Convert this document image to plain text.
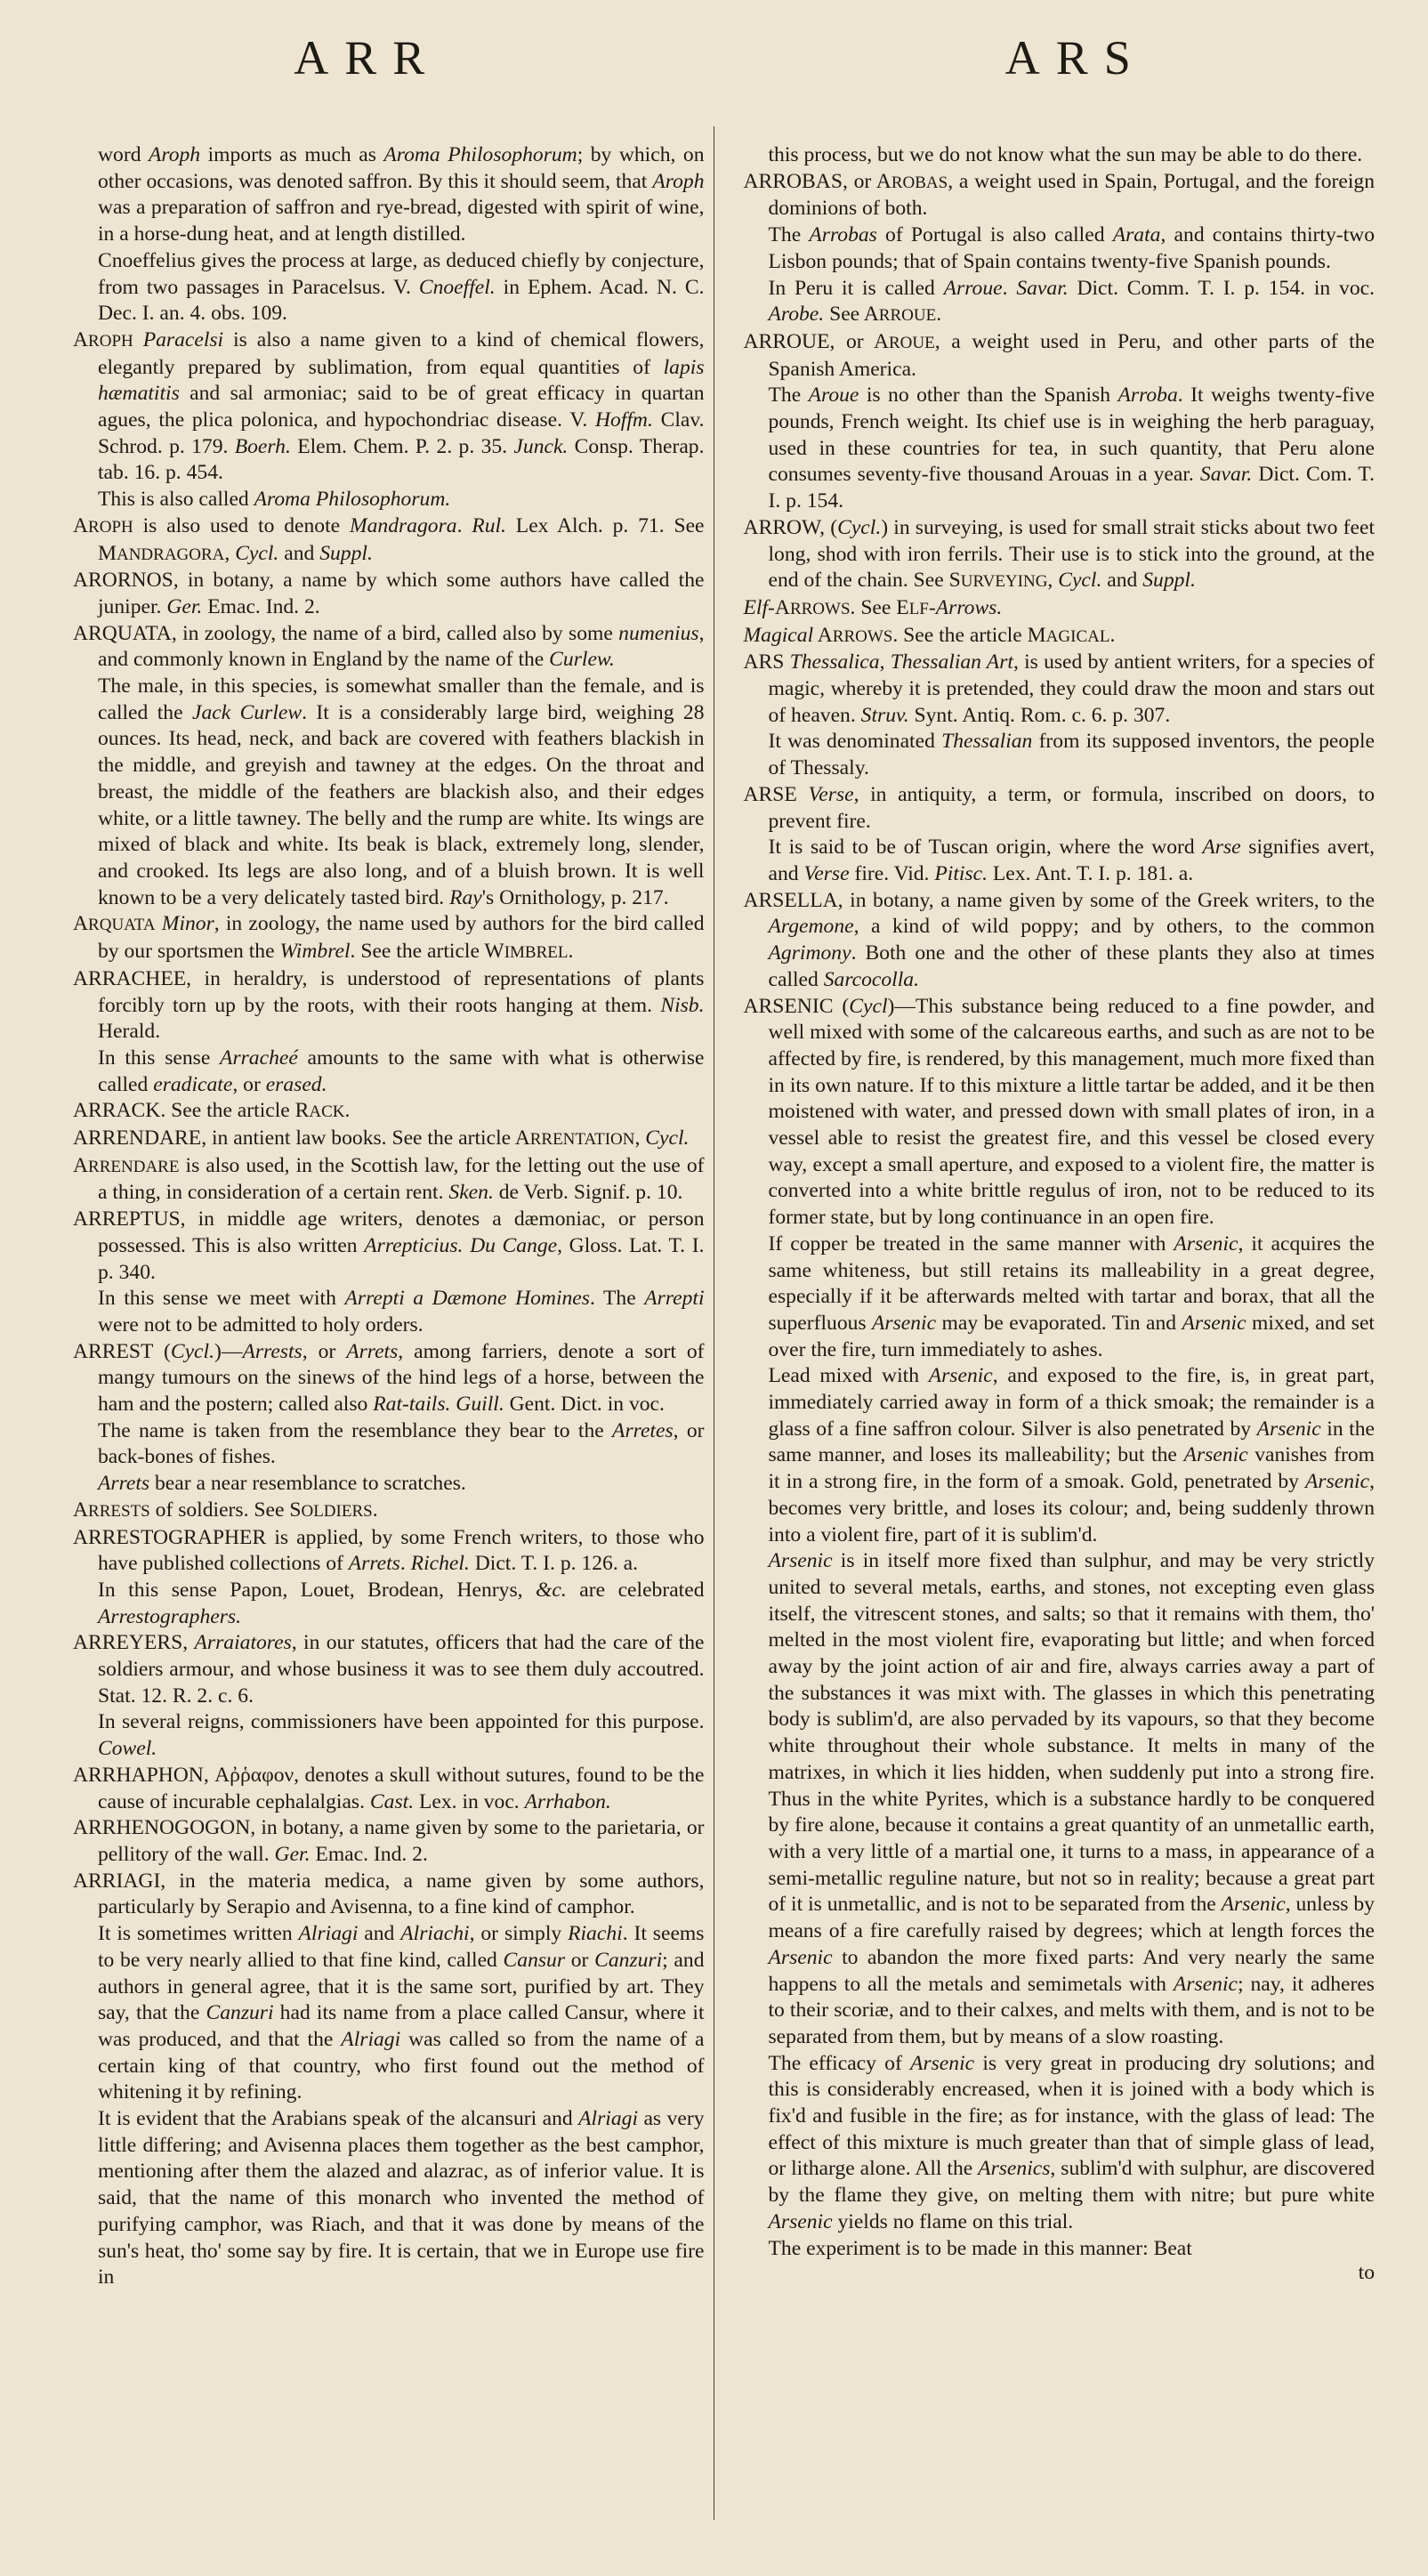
ARR	ARS

word Aroph imports as much as Aroma Philosophorum; by which, on other occasions, was denoted saffron. By this it should seem, that Aroph was a preparation of saffron and rye-bread, digested with spirit of wine, in a horse-dung heat, and at length distilled.

Cnoeffelius gives the process at large, as deduced chiefly by conjecture, from two passages in Paracelsus. V. Cnoeffel. in Ephem. Acad. N. C. Dec. I. an. 4. obs. 109.

AROPH Paracelsi is also a name given to a kind of chemical flowers, elegantly prepared by sublimation, from equal quantities of lapis hæmatitis and sal armoniac; said to be of great efficacy in quartan agues, the plica polonica, and hypochondriac disease. V. Hoffm. Clav. Schrod. p. 179. Boerh. Elem. Chem. P. 2. p. 35. Junck. Consp. Therap. tab. 16. p. 454.

This is also called Aroma Philosophorum.

AROPH is also used to denote Mandragora. Rul. Lex Alch. p. 71. See MANDRAGORA, Cycl. and Suppl.

ARORNOS, in botany, a name by which some authors have called the juniper. Ger. Emac. Ind. 2.

ARQUATA, in zoology, the name of a bird, called also by some numenius, and commonly known in England by the name of the Curlew.

The male, in this species, is somewhat smaller than the female, and is called the Jack Curlew. It is a considerably large bird, weighing 28 ounces. Its head, neck, and back are covered with feathers blackish in the middle, and greyish and tawney at the edges. On the throat and breast, the middle of the feathers are blackish also, and their edges white, or a little tawney. The belly and the rump are white. Its wings are mixed of black and white. Its beak is black, extremely long, slender, and crooked. Its legs are also long, and of a bluish brown. It is well known to be a very delicately tasted bird. Ray's Ornithology, p. 217.

ARQUATA Minor, in zoology, the name used by authors for the bird called by our sportsmen the Wimbrel. See the article WIMBREL.

ARRACHEE, in heraldry, is understood of representations of plants forcibly torn up by the roots, with their roots hanging at them. Nisb. Herald.

In this sense Arracheé amounts to the same with what is otherwise called eradicate, or erased.

ARRACK. See the article RACK.

ARRENDARE, in antient law books. See the article ARRENTATION, Cycl.

ARRENDARE is also used, in the Scottish law, for the letting out the use of a thing, in consideration of a certain rent. Sken. de Verb. Signif. p. 10.

ARREPTUS, in middle age writers, denotes a dæmoniac, or person possessed. This is also written Arrepticius. Du Cange, Gloss. Lat. T. I. p. 340.

In this sense we meet with Arrepti a Dæmone Homines. The Arrepti were not to be admitted to holy orders.

ARREST (Cycl.)—Arrests, or Arrets, among farriers, denote a sort of mangy tumours on the sinews of the hind legs of a horse, between the ham and the postern; called also Rat-tails. Guill. Gent. Dict. in voc.

The name is taken from the resemblance they bear to the Arretes, or back-bones of fishes.

Arrets bear a near resemblance to scratches.

ARRESTS of soldiers. See SOLDIERS.

ARRESTOGRAPHER is applied, by some French writers, to those who have published collections of Arrets. Richel. Dict. T. I. p. 126. a.

In this sense Papon, Louet, Brodean, Henrys, &c. are celebrated Arrestographers.

ARREYERS, Arraiatores, in our statutes, officers that had the care of the soldiers armour, and whose business it was to see them duly accoutred. Stat. 12. R. 2. c. 6.

In several reigns, commissioners have been appointed for this purpose. Cowel.

ARRHAPHON, Αῤῥαφον, denotes a skull without sutures, found to be the cause of incurable cephalalgias. Cast. Lex. in voc. Arrhabon.

ARRHENOGOGON, in botany, a name given by some to the parietaria, or pellitory of the wall. Ger. Emac. Ind. 2.

ARRIAGI, in the materia medica, a name given by some authors, particularly by Serapio and Avisenna, to a fine kind of camphor.

It is sometimes written Alriagi and Alriachi, or simply Riachi. It seems to be very nearly allied to that fine kind, called Cansur or Canzuri; and authors in general agree, that it is the same sort, purified by art. They say, that the Canzuri had its name from a place called Cansur, where it was produced, and that the Alriagi was called so from the name of a certain king of that country, who first found out the method of whitening it by refining.

It is evident that the Arabians speak of the alcansuri and Alriagi as very little differing; and Avisenna places them together as the best camphor, mentioning after them the alazed and alazrac, as of inferior value. It is said, that the name of this monarch who invented the method of purifying camphor, was Riach, and that it was done by means of the sun's heat, tho' some say by fire. It is certain, that we in Europe use fire in

this process, but we do not know what the sun may be able to do there.

ARROBAS, or AROBAS, a weight used in Spain, Portugal, and the foreign dominions of both.

The Arrobas of Portugal is also called Arata, and contains thirty-two Lisbon pounds; that of Spain contains twenty-five Spanish pounds.

In Peru it is called Arroue. Savar. Dict. Comm. T. I. p. 154. in voc. Arobe. See ARROUE.

ARROUE, or AROUE, a weight used in Peru, and other parts of the Spanish America.

The Aroue is no other than the Spanish Arroba. It weighs twenty-five pounds, French weight. Its chief use is in weighing the herb paraguay, used in these countries for tea, in such quantity, that Peru alone consumes seventy-five thousand Arouas in a year. Savar. Dict. Com. T. I. p. 154.

ARROW, (Cycl.) in surveying, is used for small strait sticks about two feet long, shod with iron ferrils. Their use is to stick into the ground, at the end of the chain. See SURVEYING, Cycl. and Suppl.

Elf-ARROWS. See ELF-Arrows.

Magical ARROWS. See the article MAGICAL.

ARS Thessalica, Thessalian Art, is used by antient writers, for a species of magic, whereby it is pretended, they could draw the moon and stars out of heaven. Struv. Synt. Antiq. Rom. c. 6. p. 307.

It was denominated Thessalian from its supposed inventors, the people of Thessaly.

ARSE Verse, in antiquity, a term, or formula, inscribed on doors, to prevent fire.

It is said to be of Tuscan origin, where the word Arse signifies avert, and Verse fire. Vid. Pitisc. Lex. Ant. T. I. p. 181. a.

ARSELLA, in botany, a name given by some of the Greek writers, to the Argemone, a kind of wild poppy; and by others, to the common Agrimony. Both one and the other of these plants they also at times called Sarcocolla.

ARSENIC (Cycl)—This substance being reduced to a fine powder, and well mixed with some of the calcareous earths, and such as are not to be affected by fire, is rendered, by this management, much more fixed than in its own nature. If to this mixture a little tartar be added, and it be then moistened with water, and pressed down with small plates of iron, in a vessel able to resist the greatest fire, and this vessel be closed every way, except a small aperture, and exposed to a violent fire, the matter is converted into a white brittle regulus of iron, not to be reduced to its former state, but by long continuance in an open fire.

If copper be treated in the same manner with Arsenic, it acquires the same whiteness, but still retains its malleability in a great degree, especially if it be afterwards melted with tartar and borax, that all the superfluous Arsenic may be evaporated. Tin and Arsenic mixed, and set over the fire, turn immediately to ashes.

Lead mixed with Arsenic, and exposed to the fire, is, in great part, immediately carried away in form of a thick smoak; the remainder is a glass of a fine saffron colour. Silver is also penetrated by Arsenic in the same manner, and loses its malleability; but the Arsenic vanishes from it in a strong fire, in the form of a smoak. Gold, penetrated by Arsenic, becomes very brittle, and loses its colour; and, being suddenly thrown into a violent fire, part of it is sublim'd.

Arsenic is in itself more fixed than sulphur, and may be very strictly united to several metals, earths, and stones, not excepting even glass itself, the vitrescent stones, and salts; so that it remains with them, tho' melted in the most violent fire, evaporating but little; and when forced away by the joint action of air and fire, always carries away a part of the substances it was mixt with. The glasses in which this penetrating body is sublim'd, are also pervaded by its vapours, so that they become white throughout their whole substance. It melts in many of the matrixes, in which it lies hidden, when suddenly put into a strong fire. Thus in the white Pyrites, which is a substance hardly to be conquered by fire alone, because it contains a great quantity of an unmetallic earth, with a very little of a martial one, it turns to a mass, in appearance of a semi-metallic reguline nature, but not so in reality; because a great part of it is unmetallic, and is not to be separated from the Arsenic, unless by means of a fire carefully raised by degrees; which at length forces the Arsenic to abandon the more fixed parts: And very nearly the same happens to all the metals and semimetals with Arsenic; nay, it adheres to their scoriæ, and to their calxes, and melts with them, and is not to be separated from them, but by means of a slow roasting.

The efficacy of Arsenic is very great in producing dry solutions; and this is considerably encreased, when it is joined with a body which is fix'd and fusible in the fire; as for instance, with the glass of lead: The effect of this mixture is much greater than that of simple glass of lead, or litharge alone. All the Arsenics, sublim'd with sulphur, are discovered by the flame they give, on melting them with nitre; but pure white Arsenic yields no flame on this trial.

The experiment is to be made in this manner: Beat

to
